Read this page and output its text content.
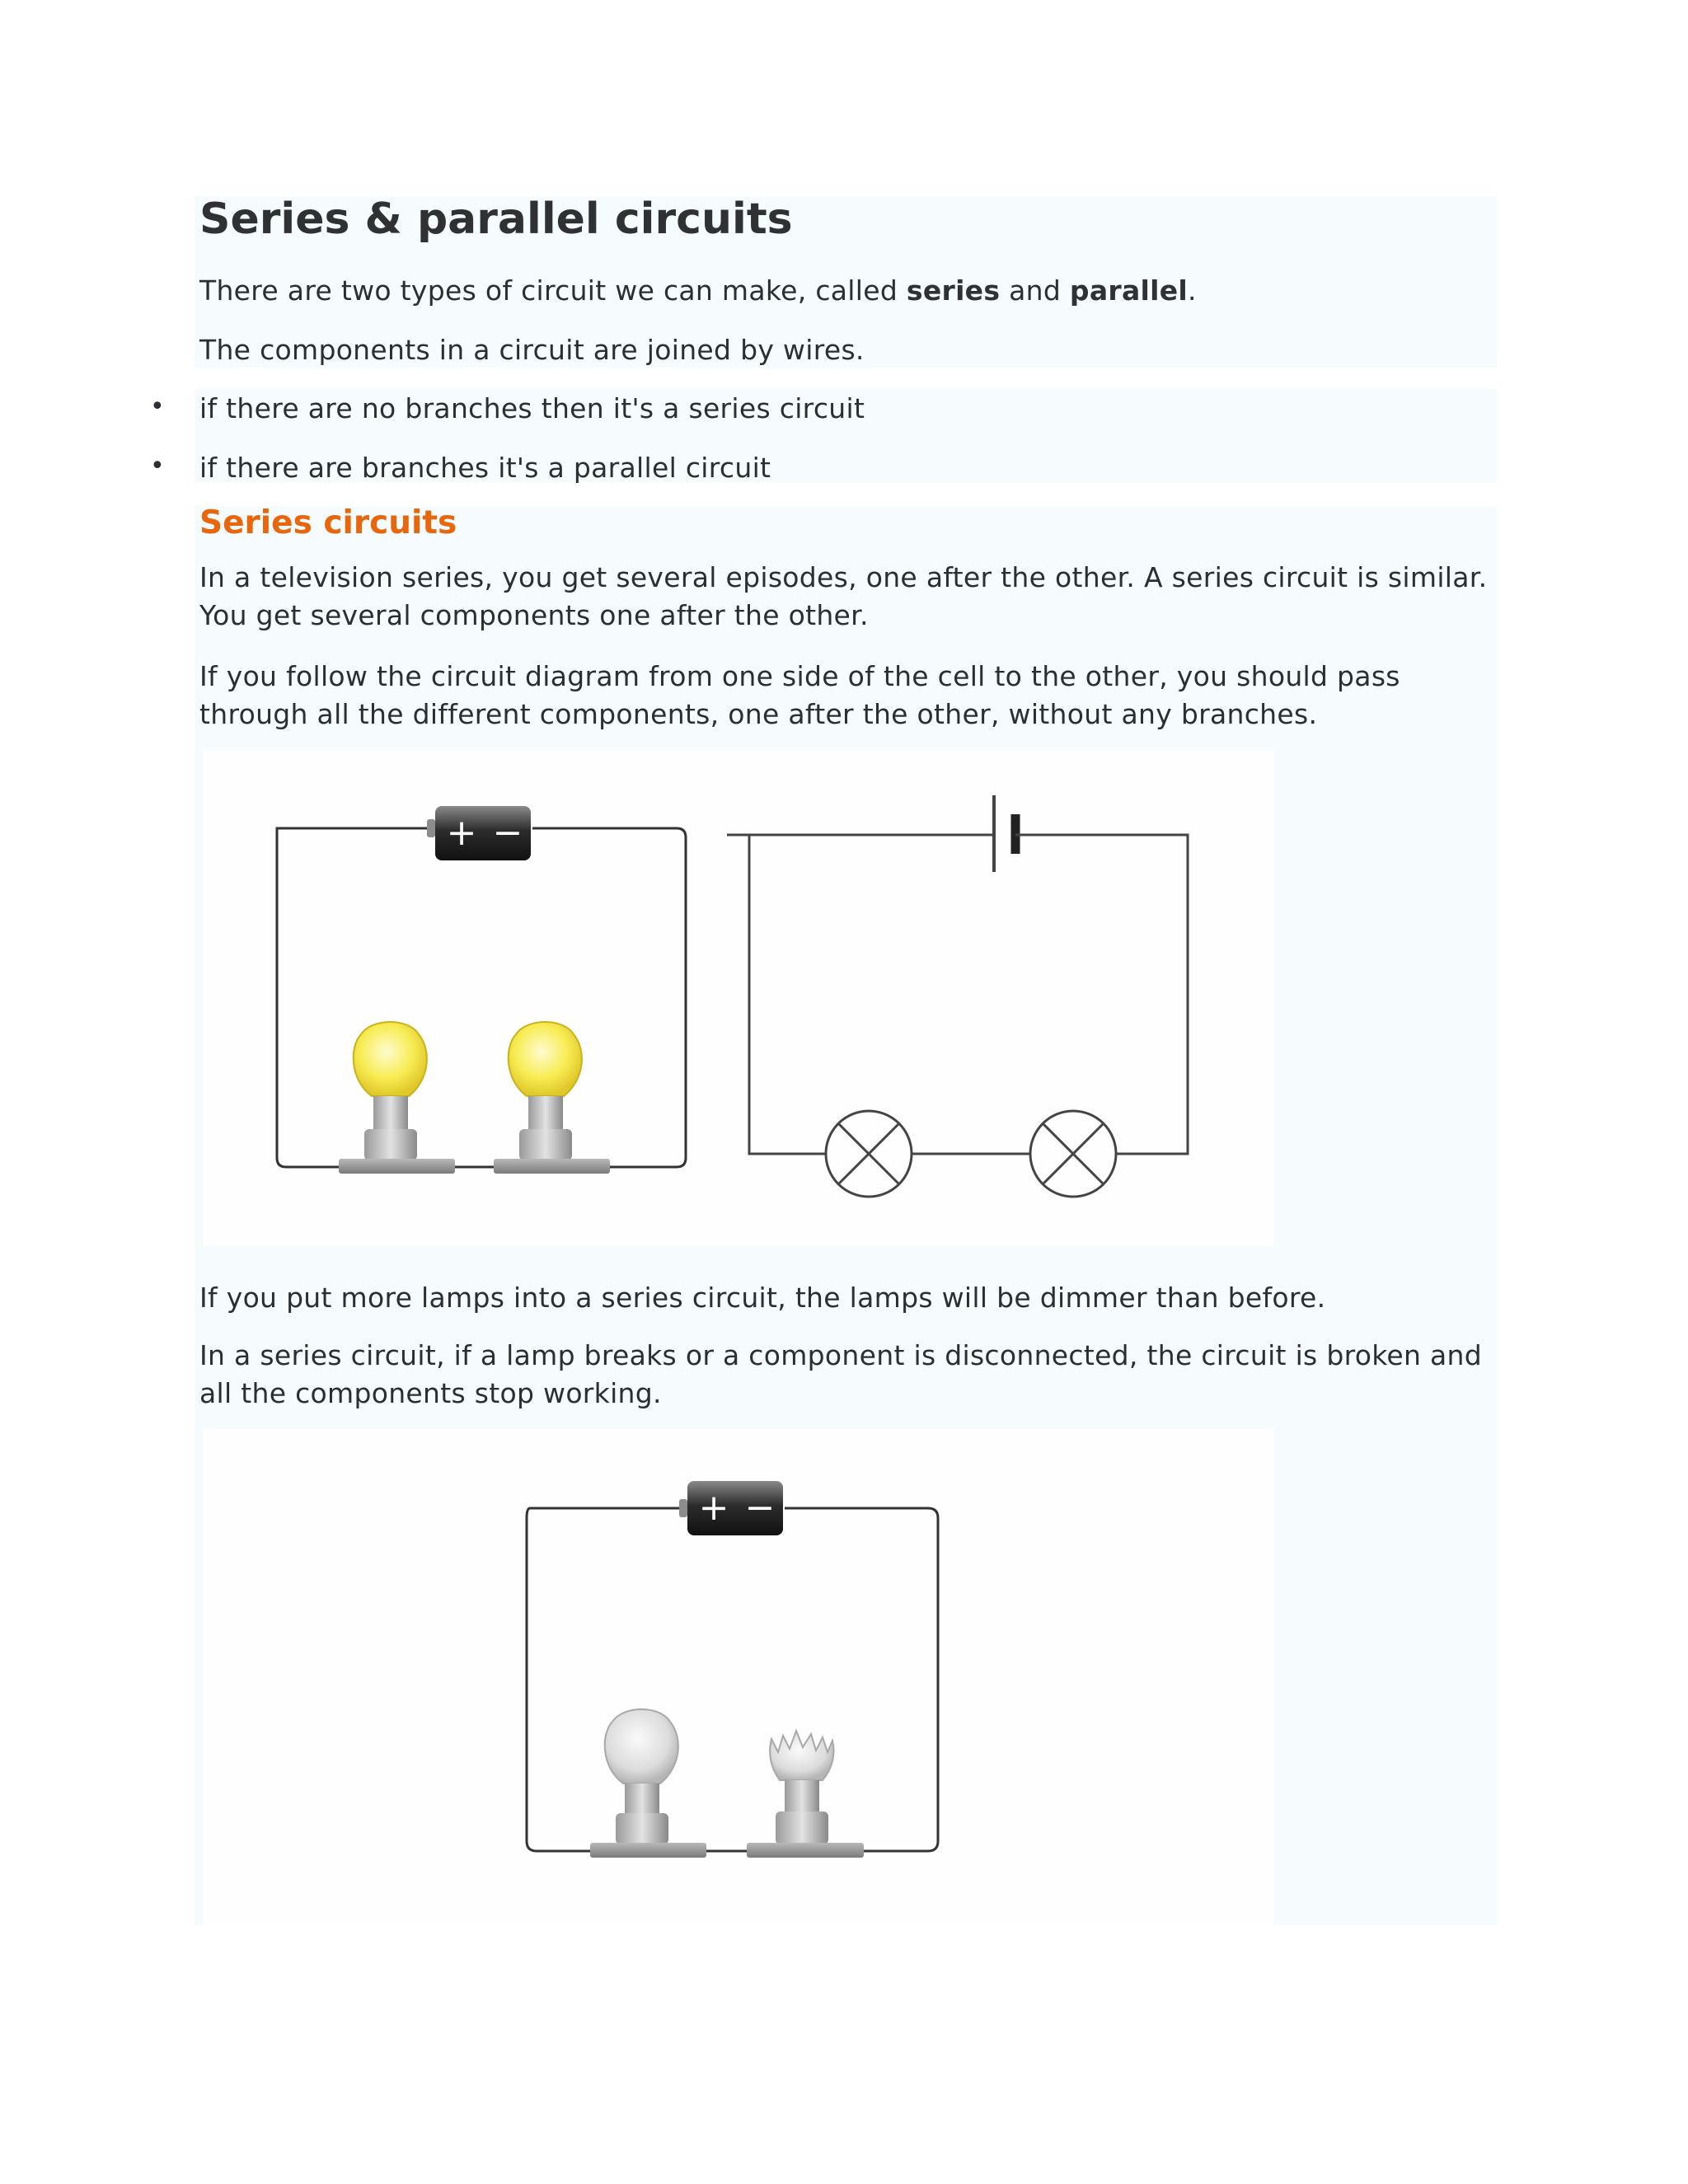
Series & parallel circuits

There are two types of circuit we can make, called series and parallel.

The components in a circuit are joined by wires.

• if there are no branches then it's a series circuit

• if there are branches it's a parallel circuit

Series circuits

In a television series, you get several episodes, one after the other. A series circuit is similar. You get several components one after the other.

If you follow the circuit diagram from one side of the cell to the other, you should pass through all the different components, one after the other, without any branches.

+ −

If you put more lamps into a series circuit, the lamps will be dimmer than before.

In a series circuit, if a lamp breaks or a component is disconnected, the circuit is broken and all the components stop working.

+ −
